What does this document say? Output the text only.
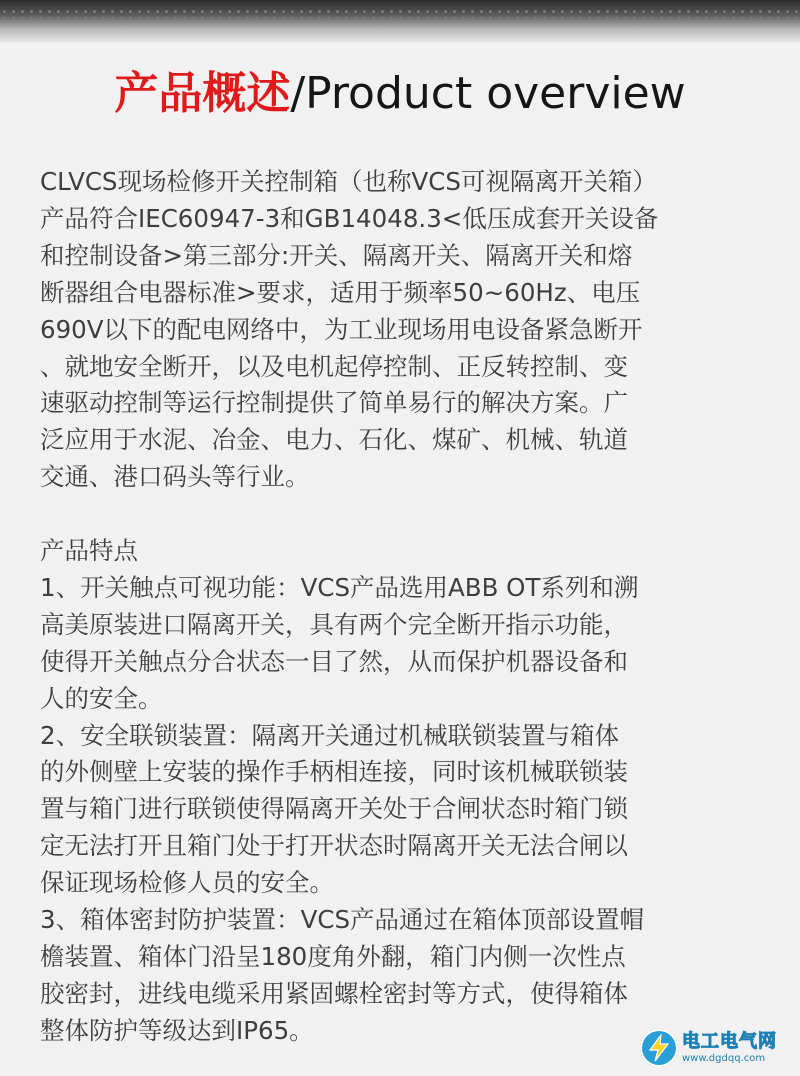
产品概述/Product overview

CLVCS现场检修开关控制箱（也称VCS可视隔离开关箱）
产品符合IEC60947-3和GB14048.3<低压成套开关设备
和控制设备>第三部分:开关、隔离开关、隔离开关和熔
断器组合电器标准>要求，适用于频率50~60Hz、电压
690V以下的配电网络中，为工业现场用电设备紧急断开
、就地安全断开，以及电机起停控制、正反转控制、变
速驱动控制等运行控制提供了简单易行的解决方案。广
泛应用于水泥、冶金、电力、石化、煤矿、机械、轨道
交通、港口码头等行业。

产品特点

1、开关触点可视功能：VCS产品选用ABB OT系列和溯
高美原装进口隔离开关，具有两个完全断开指示功能，
使得开关触点分合状态一目了然，从而保护机器设备和
人的安全。

2、安全联锁装置：隔离开关通过机械联锁装置与箱体
的外侧壁上安装的操作手柄相连接，同时该机械联锁装
置与箱门进行联锁使得隔离开关处于合闸状态时箱门锁
定无法打开且箱门处于打开状态时隔离开关无法合闸以
保证现场检修人员的安全。

3、箱体密封防护装置：VCS产品通过在箱体顶部设置帽
檐装置、箱体门沿呈180度角外翻，箱门内侧一次性点
胶密封，进线电缆采用紧固螺栓密封等方式，使得箱体
整体防护等级达到IP65。	电工电气网
www.dgdqq.com
